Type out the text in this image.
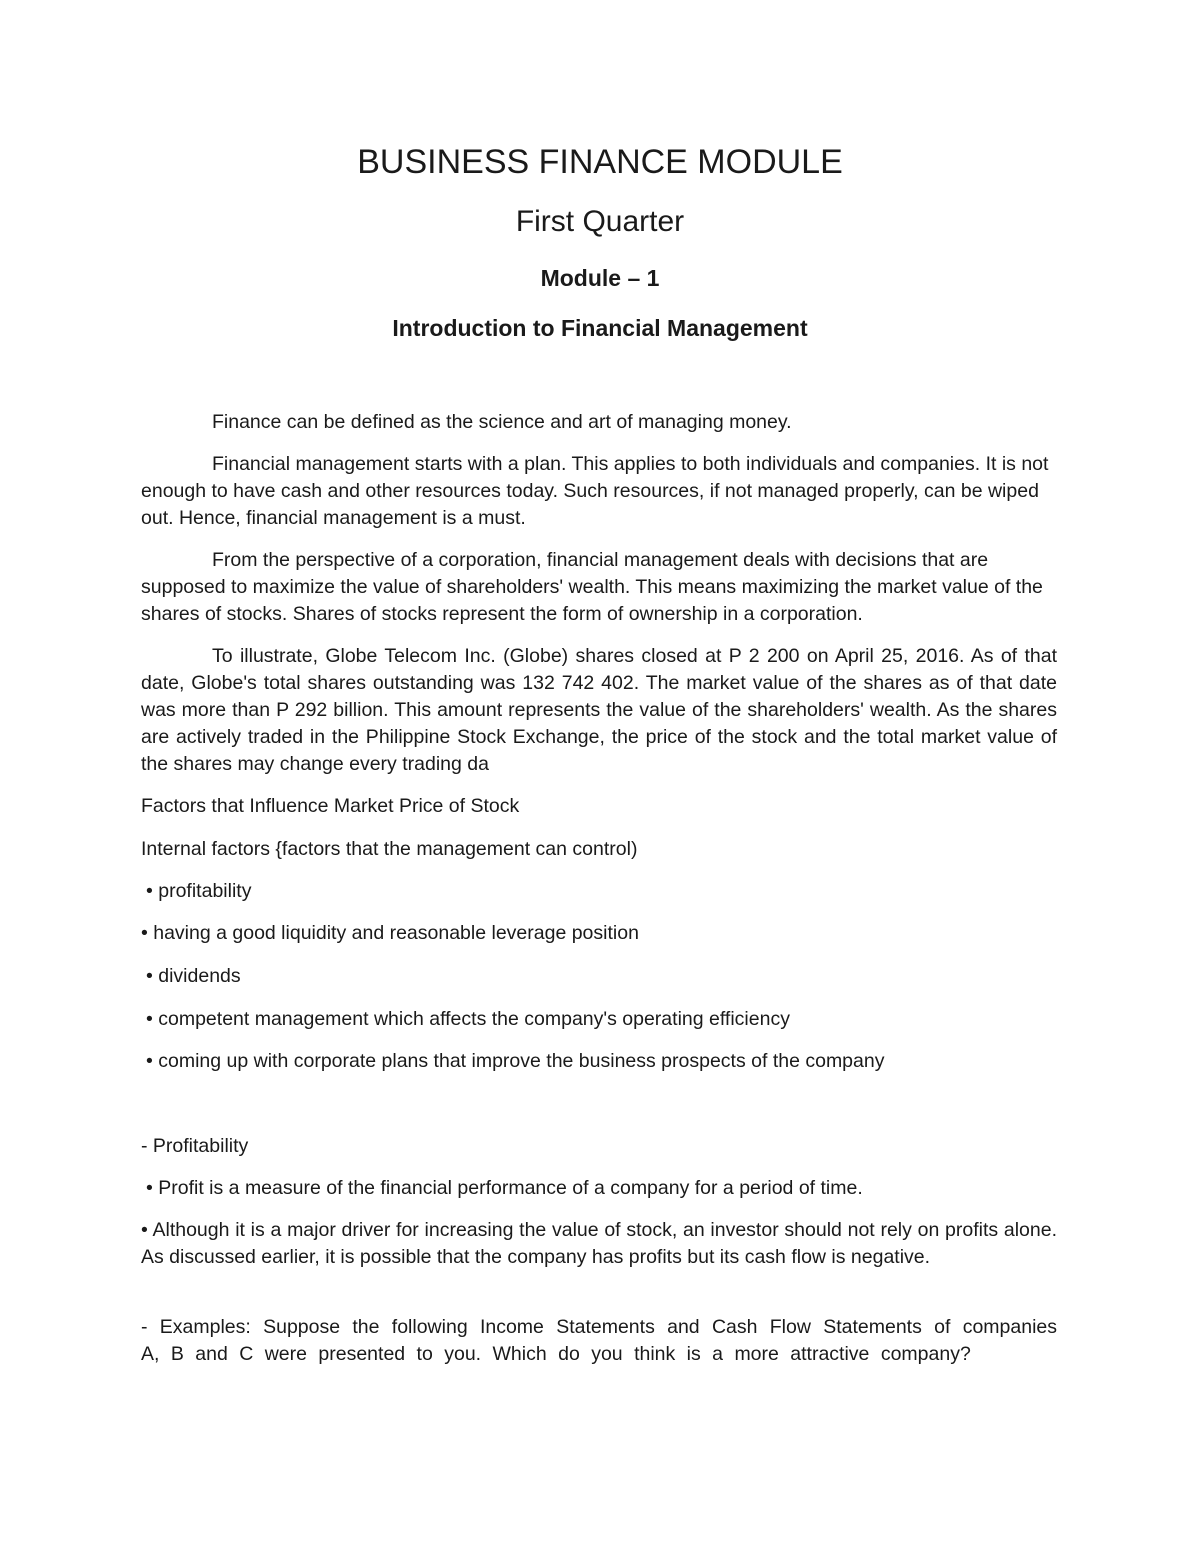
BUSINESS FINANCE MODULE
First Quarter
Module – 1
Introduction to Financial Management

Finance can be defined as the science and art of managing money.

Financial management starts with a plan. This applies to both individuals and companies. It is not enough to have cash and other resources today. Such resources, if not managed properly, can be wiped out. Hence, financial management is a must.

From the perspective of a corporation, financial management deals with decisions that are supposed to maximize the value of shareholders' wealth. This means maximizing the market value of the shares of stocks. Shares of stocks represent the form of ownership in a corporation.

To illustrate, Globe Telecom Inc. (Globe) shares closed at P 2 200 on April 25, 2016. As of that date, Globe's total shares outstanding was 132 742 402. The market value of the shares as of that date was more than P 292 billion. This amount represents the value of the shareholders' wealth. As the shares are actively traded in the Philippine Stock Exchange, the price of the stock and the total market value of the shares may change every trading da

Factors that Influence Market Price of Stock

Internal factors {factors that the management can control)

• profitability

• having a good liquidity and reasonable leverage position

• dividends

• competent management which affects the company's operating efficiency

• coming up with corporate plans that improve the business prospects of the company

- Profitability

• Profit is a measure of the financial performance of a company for a period of time.

• Although it is a major driver for increasing the value of stock, an investor should not rely on profits alone. As discussed earlier, it is possible that the company has profits but its cash flow is negative.

- Examples: Suppose the following Income Statements and Cash Flow Statements of companies A, B and C were presented to you. Which do you think is a more attractive company?
